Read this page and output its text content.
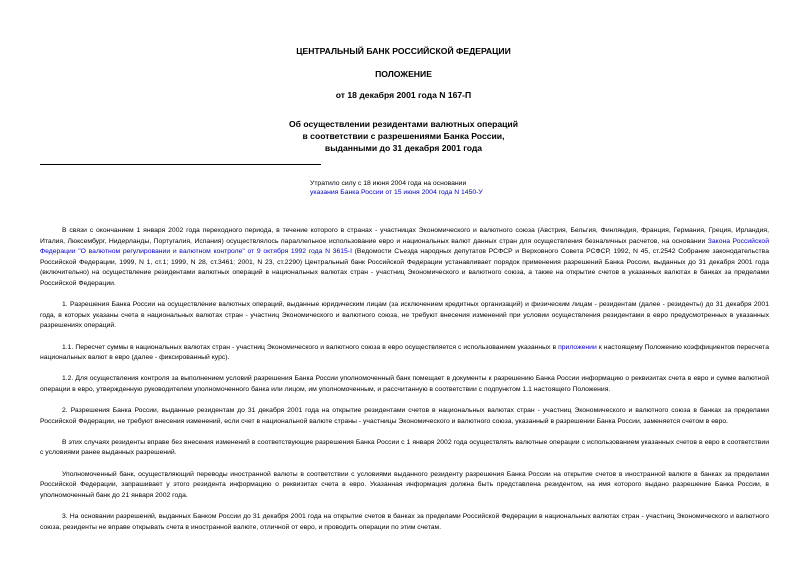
ЦЕНТРАЛЬНЫЙ БАНК РОССИЙСКОЙ ФЕДЕРАЦИИ
ПОЛОЖЕНИЕ
от 18 декабря 2001 года N 167-П
Об осуществлении резидентами валютных операций
в соответствии с разрешениями Банка России,
выданными до 31 декабря 2001 года
Утратило силу с 18 июня 2004 года на основании
указания Банка России от 15 июня 2004 года N 1450-У

В связи с окончанием 1 января 2002 года переходного периода, в течение которого в странах - участницах Экономического и валютного союза (Австрия, Бельгия, Финляндия, Франция, Германия, Греция, Ирландия, Италия, Люксембург, Нидерланды, Португалия, Испания) осуществлялось параллельное использование евро и национальных валют данных стран для осуществления безналичных расчетов, на основании Закона Российской Федерации "О валютном регулировании и валютном контроле" от 9 октября 1992 года N 3615-I (Ведомости Съезда народных депутатов РСФСР и Верховного Совета РСФСР, 1992, N 45, ст.2542 Собрание законодательства Российской Федерации, 1999, N 1, ст.1; 1999, N 28, ст.3461; 2001, N 23, ст.2290) Центральный банк Российской Федерации устанавливает порядок применения разрешений Банка России, выданных до 31 декабря 2001 года (включительно) на осуществление резидентами валютных операций в национальных валютах стран - участниц Экономического и валютного союза, а также на открытие счетов в указанных валютах в банках за пределами Российской Федерации.

1. Разрешения Банка России на осуществление валютных операций, выданные юридическим лицам (за исключением кредитных организаций) и физическим лицам - резидентам (далее - резиденты) до 31 декабря 2001 года, в которых указаны счета в национальных валютах стран - участниц Экономического и валютного союза, не требуют внесения изменений при условии осуществления резидентами в евро предусмотренных в указанных разрешениях операций.

1.1. Пересчет суммы в национальных валютах стран - участниц Экономического и валютного союза в евро осуществляется с использованием указанных в приложении к настоящему Положению коэффициентов пересчета национальных валют в евро (далее - фиксированный курс).

1.2. Для осуществления контроля за выполнением условий разрешения Банка России уполномоченный банк помещает в документы к разрешению Банка России информацию о реквизитах счета в евро и сумме валютной операции в евро, утвержденную руководителем уполномоченного банка или лицом, им уполномоченным, и рассчитанную в соответствии с подпунктом 1.1 настоящего Положения.

2. Разрешения Банка России, выданные резидентам до 31 декабря 2001 года на открытие резидентами счетов в национальных валютах стран - участниц Экономического и валютного союза в банках за пределами Российской Федерации, не требуют внесения изменений, если счет в национальной валюте страны - участницы Экономического и валютного союза, указанный в разрешении Банка России, заменяется счетом в евро.

В этих случаях резиденты вправе без внесения изменений в соответствующие разрешения Банка России с 1 января 2002 года осуществлять валютные операции с использованием указанных счетов в евро в соответствии с условиями ранее выданных разрешений.

Уполномоченный банк, осуществляющий переводы иностранной валюты в соответствии с условиями выданного резиденту разрешения Банка России на открытие счетов в иностранной валюте в банках за пределами Российской Федерации, запрашивает у этого резидента информацию о реквизитах счета в евро. Указанная информация должна быть представлена резидентом, на имя которого выдано разрешение Банка России, в уполномоченный банк до 21 января 2002 года.

3. На основании разрешений, выданных Банком России до 31 декабря 2001 года на открытие счетов в банках за пределами Российской Федерации в национальных валютах стран - участниц Экономического и валютного союза, резиденты не вправе открывать счета в иностранной валюте, отличной от евро, и проводить операции по этим счетам.
